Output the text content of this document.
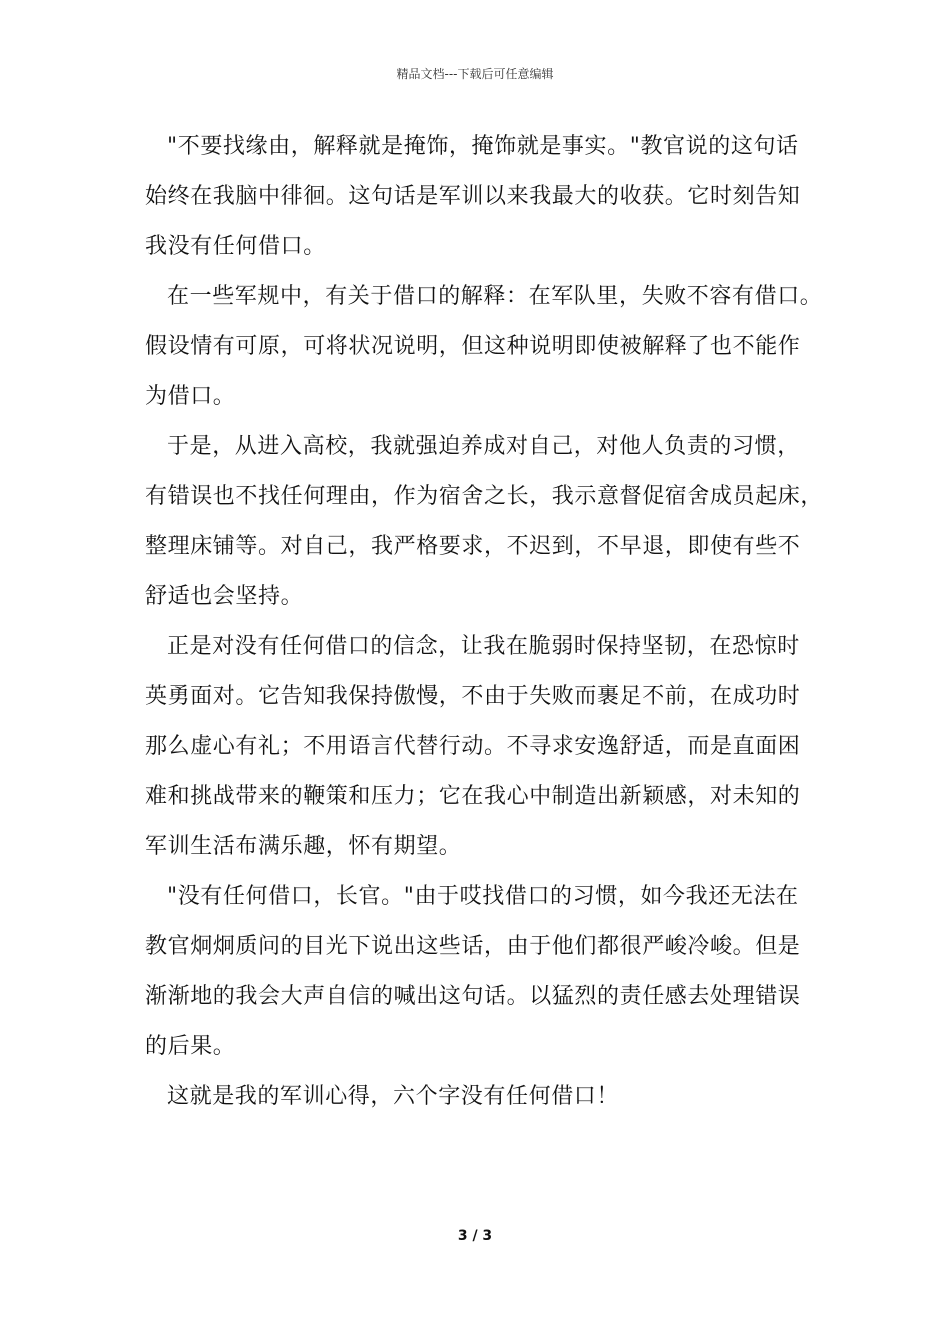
精品文档---下载后可任意编辑

"不要找缘由，解释就是掩饰，掩饰就是事实。"教官说的这句话
始终在我脑中徘徊。这句话是军训以来我最大的收获。它时刻告知
我没有任何借口。

在一些军规中，有关于借口的解释：在军队里，失败不容有借口。
假设情有可原，可将状况说明，但这种说明即使被解释了也不能作
为借口。

于是，从进入高校，我就强迫养成对自己，对他人负责的习惯，
有错误也不找任何理由，作为宿舍之长，我示意督促宿舍成员起床，
整理床铺等。对自己，我严格要求，不迟到，不早退，即使有些不
舒适也会坚持。

正是对没有任何借口的信念，让我在脆弱时保持坚韧，在恐惊时
英勇面对。它告知我保持傲慢，不由于失败而裹足不前，在成功时
那么虚心有礼；不用语言代替行动。不寻求安逸舒适，而是直面困
难和挑战带来的鞭策和压力；它在我心中制造出新颖感，对未知的
军训生活布满乐趣，怀有期望。

"没有任何借口，长官。"由于哎找借口的习惯，如今我还无法在
教官炯炯质问的目光下说出这些话，由于他们都很严峻冷峻。但是
渐渐地的我会大声自信的喊出这句话。以猛烈的责任感去处理错误
的后果。

这就是我的军训心得，六个字没有任何借口！

3 / 3
